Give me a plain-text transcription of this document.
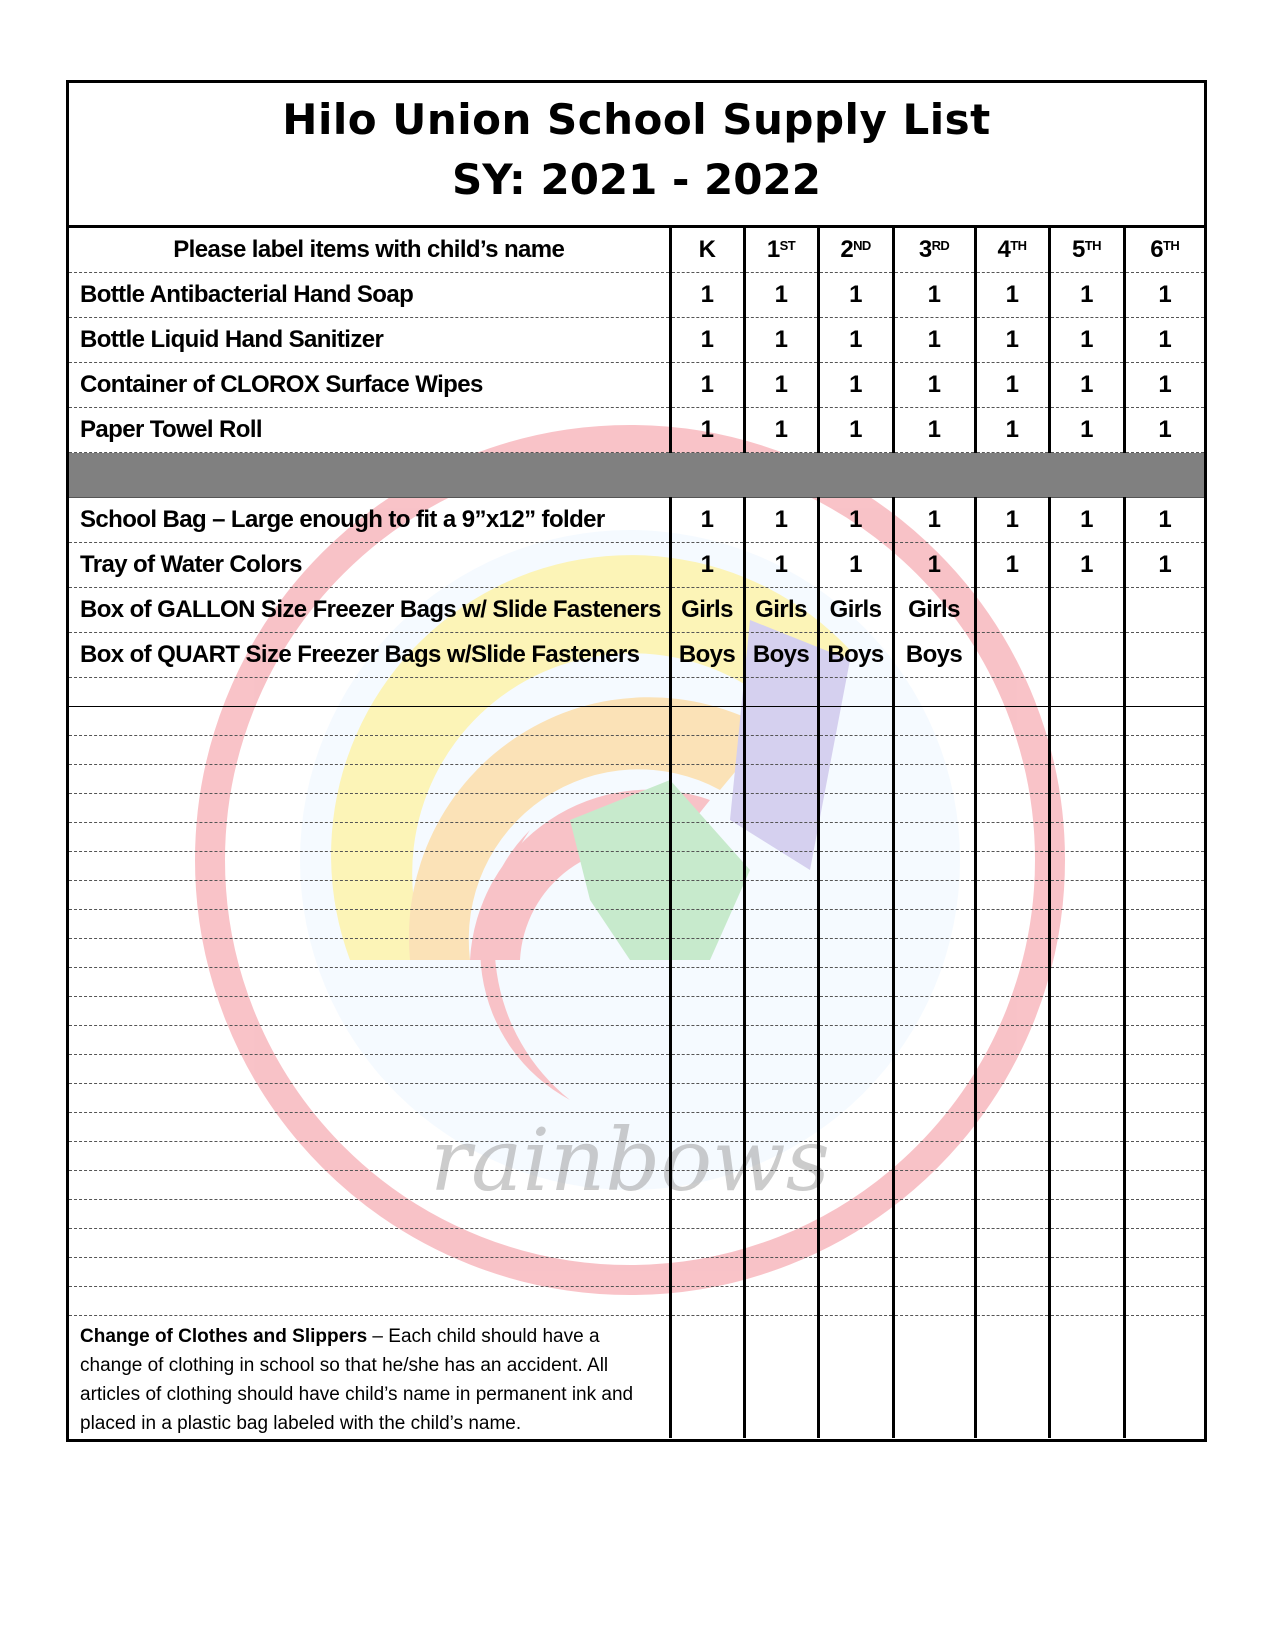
rainbows
Hilo Union School Supply List
SY: 2021 - 2022
Please label items with child’s name	K	1ST	2ND	3RD	4TH	5TH	6TH
Bottle Antibacterial Hand Soap	1	1	1	1	1	1	1
Bottle Liquid Hand Sanitizer	1	1	1	1	1	1	1
Container of CLOROX Surface Wipes	1	1	1	1	1	1	1
Paper Towel Roll	1	1	1	1	1	1	1

School Bag – Large enough to fit a 9”x12” folder	1	1	1	1	1	1	1
Tray of Water Colors	1	1	1	1	1	1	1
Box of GALLON Size Freezer Bags w/ Slide Fasteners	Girls	Girls	Girls	Girls			
Box of QUART Size Freezer Bags w/Slide Fasteners	Boys	Boys	Boys	Boys			

Change of Clothes and Slippers – Each child should have a change of clothing in school so that he/she has an accident. All articles of clothing should have child’s name in permanent ink and placed in a plastic bag labeled with the child’s name.							
